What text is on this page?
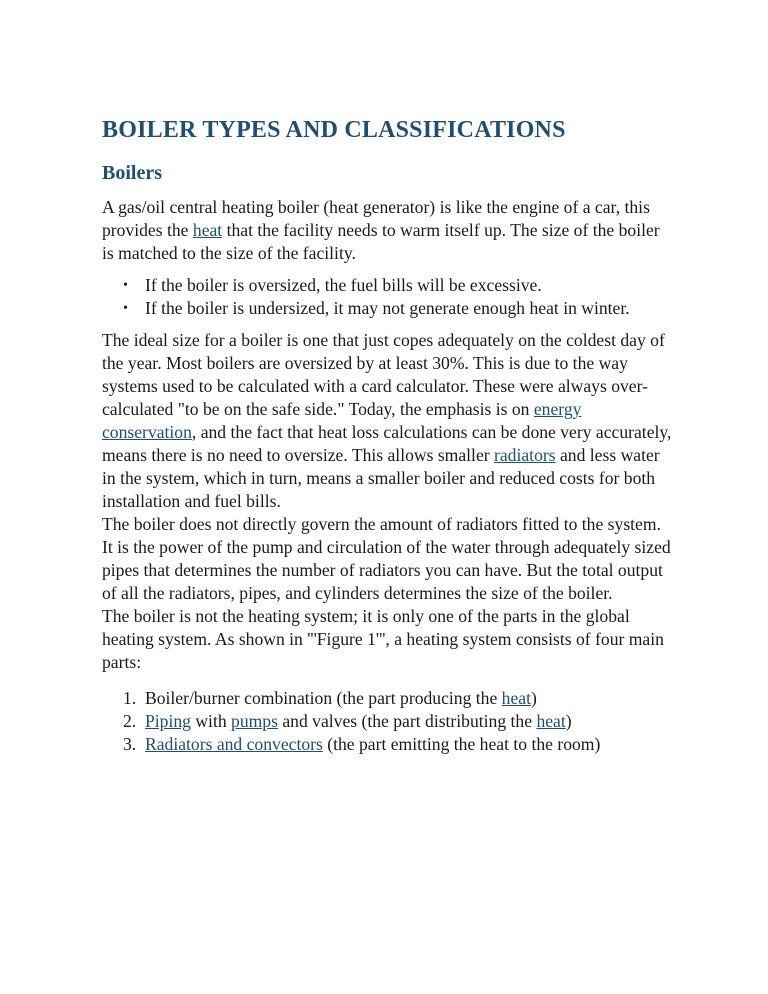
BOILER TYPES AND CLASSIFICATIONS
Boilers

A gas/oil central heating boiler (heat generator) is like the engine of a car, this provides the heat that the facility needs to warm itself up. The size of the boiler is matched to the size of the facility.

• If the boiler is oversized, the fuel bills will be excessive.
• If the boiler is undersized, it may not generate enough heat in winter.

The ideal size for a boiler is one that just copes adequately on the coldest day of the year. Most boilers are oversized by at least 30%. This is due to the way systems used to be calculated with a card calculator. These were always over-calculated "to be on the safe side." Today, the emphasis is on energy conservation, and the fact that heat loss calculations can be done very accurately, means there is no need to oversize. This allows smaller radiators and less water in the system, which in turn, means a smaller boiler and reduced costs for both installation and fuel bills.

The boiler does not directly govern the amount of radiators fitted to the system. It is the power of the pump and circulation of the water through adequately sized pipes that determines the number of radiators you can have. But the total output of all the radiators, pipes, and cylinders determines the size of the boiler.

The boiler is not the heating system; it is only one of the parts in the global heating system. As shown in '''Figure 1''', a heating system consists of four main parts:

1. Boiler/burner combination (the part producing the heat)
2. Piping with pumps and valves (the part distributing the heat)
3. Radiators and convectors (the part emitting the heat to the room)
